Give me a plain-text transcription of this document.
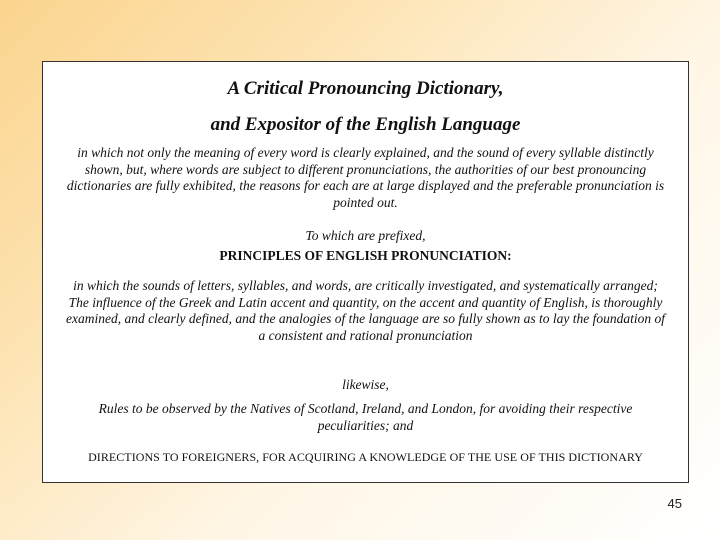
A Critical Pronouncing Dictionary,

and Expositor of the English Language

in which not only the meaning of every word is clearly explained, and the sound of every syllable distinctly shown, but, where words are subject to different pronunciations, the authorities of our best pronouncing dictionaries are fully exhibited, the reasons for each are at large displayed and the preferable pronunciation is pointed out.

To which are prefixed,

PRINCIPLES OF ENGLISH PRONUNCIATION:

in which the sounds of letters, syllables, and words, are critically investigated, and systematically arranged; The influence of the Greek and Latin accent and quantity, on the accent and quantity of English, is thoroughly examined, and clearly defined, and the analogies of the language are so fully shown as to lay the foundation of a consistent and rational pronunciation

likewise,

Rules to be observed by the Natives of Scotland, Ireland, and London, for avoiding their respective peculiarities; and

DIRECTIONS TO FOREIGNERS, FOR ACQUIRING A KNOWLEDGE OF THE USE OF THIS DICTIONARY

45
